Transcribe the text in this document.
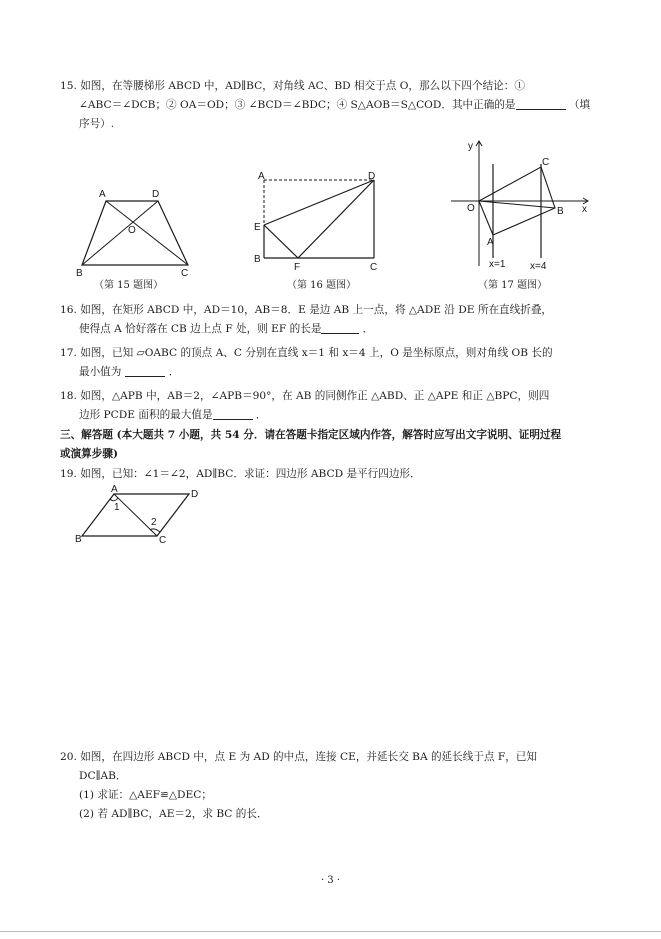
15. 如图，在等腰梯形 ABCD 中，AD∥BC，对角线 AC、BD 相交于点 O，那么以下四个结论：①
∠ABC＝∠DCB；② OA＝OD；③ ∠BCD＝∠BDC；④ S△AOB＝S△COD．其中正确的是	（填
序号）.
A	D
O
B	C
（第 15 题图）
A	D
E
B
F	C
（第 16 题图）
y
C
O	B x
A
x=1 x=4
（第 17 题图）
16. 如图，在矩形 ABCD 中，AD＝10，AB＝8．E 是边 AB 上一点，将 △ADE 沿 DE 所在直线折叠，
使得点 A 恰好落在 CB 边上点 F 处，则 EF 的长是	．
17. 如图，已知 ▱OABC 的顶点 A、C 分别在直线 x＝1 和 x＝4 上，O 是坐标原点，则对角线 OB 长的
最小值为	．
18. 如图，△APB 中，AB＝2，∠APB＝90°，在 AB 的同侧作正 △ABD、正 △APE 和正 △BPC，则四
边形 PCDE 面积的最大值是	．
三、解答题 (本大题共 7 小题，共 54 分．请在答题卡指定区域内作答，解答时应写出文字说明、证明过程
或演算步骤)
19. 如图，已知：∠1＝∠2，AD∥BC．求证：四边形 ABCD 是平行四边形．
A	D
1
2
B	C
20. 如图，在四边形 ABCD 中，点 E 为 AD 的中点，连接 CE，并延长交 BA 的延长线于点 F，已知
DC∥AB．
(1) 求证：△AEF≌△DEC；
(2) 若 AD∥BC，AE＝2，求 BC 的长．
· 3 ·
